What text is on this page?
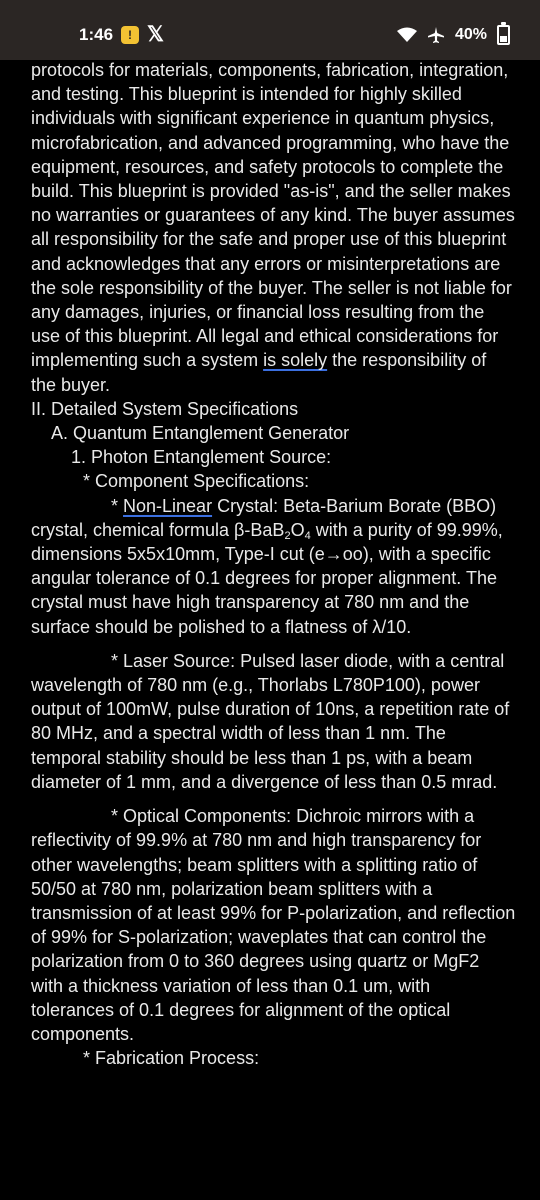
1:46	! 𝕏	40%

protocols for materials, components, fabrication, integration, and testing. This blueprint is intended for highly skilled individuals with significant experience in quantum physics, microfabrication, and advanced programming, who have the equipment, resources, and safety protocols to complete the build. This blueprint is provided "as-is", and the seller makes no warranties or guarantees of any kind. The buyer assumes all responsibility for the safe and proper use of this blueprint and acknowledges that any errors or misinterpretations are the sole responsibility of the buyer. The seller is not liable for any damages, injuries, or financial loss resulting from the use of this blueprint. All legal and ethical considerations for implementing such a system is solely the responsibility of the buyer.

II. Detailed System Specifications

A. Quantum Entanglement Generator

1. Photon Entanglement Source:

* Component Specifications:

* Non-Linear Crystal: Beta-Barium Borate (BBO) crystal, chemical formula $\beta-BaB_2O_4$ with a purity of 99.99%, dimensions 5x5x10mm, Type-I cut (e→oo), with a specific angular tolerance of 0.1 degrees for proper alignment. The crystal must have high transparency at 780 nm and the surface should be polished to a flatness of λ/10.

* Laser Source: Pulsed laser diode, with a central wavelength of 780 nm (e.g., Thorlabs L780P100), power output of 100mW, pulse duration of 10ns, a repetition rate of 80 MHz, and a spectral width of less than 1 nm. The temporal stability should be less than 1 ps, with a beam diameter of 1 mm, and a divergence of less than 0.5 mrad.

* Optical Components: Dichroic mirrors with a reflectivity of 99.9% at 780 nm and high transparency for other wavelengths; beam splitters with a splitting ratio of 50/50 at 780 nm, polarization beam splitters with a transmission of at least 99% for P-polarization, and reflection of 99% for S-polarization; waveplates that can control the polarization from 0 to 360 degrees using quartz or MgF2 with a thickness variation of less than 0.1 um, with tolerances of 0.1 degrees for alignment of the optical components.

* Fabrication Process:
